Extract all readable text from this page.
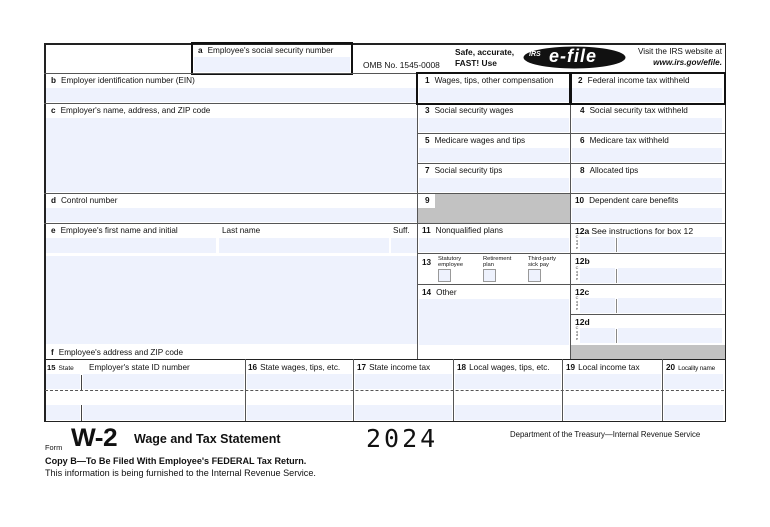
a Employee's social security number
OMB No. 1545-0008
Safe, accurate,
FAST! Use
IRS e-file	Visit the IRS website at
www.irs.gov/efile.
b Employer identification number (EIN)
c Employer's name, address, and ZIP code
d Control number
e Employee's first name and initial	Last name	Suff.
f Employee's address and ZIP code
1 Wages, tips, other compensation	2 Federal income tax withheld
3 Social security wages	4 Social security tax withheld
5 Medicare wages and tips	6 Medicare tax withheld
7 Social security tips	8 Allocated tips
9	10 Dependent care benefits
11 Nonqualified plans	12a See instructions for box 12
C o d e
12b
C o d e
12c
C o d e
12d
C o d e
13	Statutory employee
Retirement plan
Third-party sick pay
14 Other
15 State Employer's state ID number	16 State wages, tips, etc. 17 State income tax	18 Local wages, tips, etc. 19 Local income tax	20 Locality name
Form W-2 Wage and Tax Statement	2024	Department of the Treasury—Internal Revenue Service
Copy B—To Be Filed With Employee's FEDERAL Tax Return.
This information is being furnished to the Internal Revenue Service.
